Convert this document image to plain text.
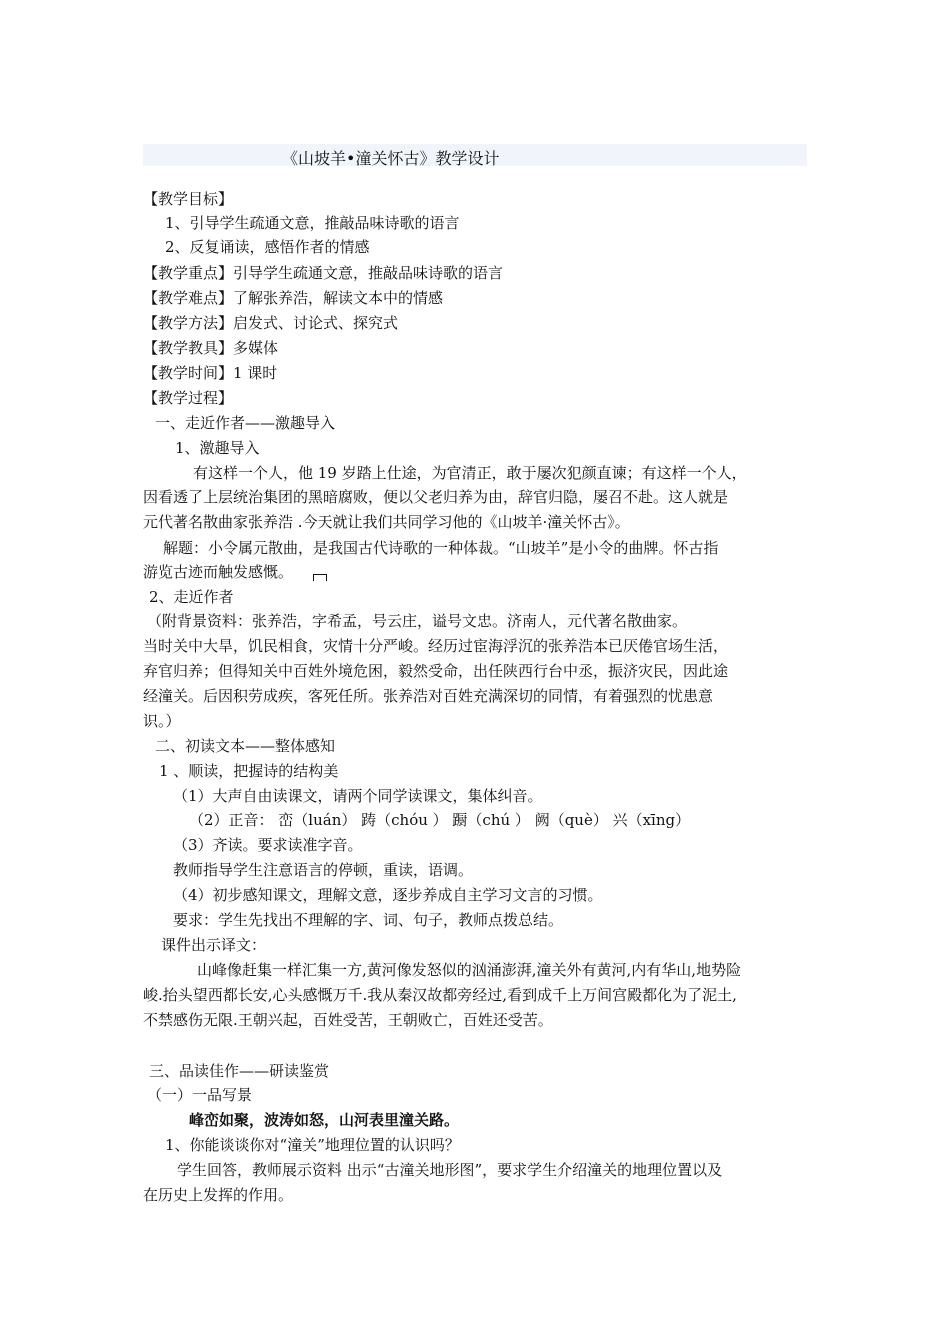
《山坡羊•潼关怀古》教学设计
【教学目标】
1、引导学生疏通文意，推敲品味诗歌的语言
2、反复诵读，感悟作者的情感
【教学重点】引导学生疏通文意，推敲品味诗歌的语言
【教学难点】了解张养浩，解读文本中的情感
【教学方法】启发式、讨论式、探究式
【教学教具】多媒体
【教学时间】1 课时
【教学过程】
一、走近作者——激趣导入
1、激趣导入
有这样一个人，他 19 岁踏上仕途，为官清正，敢于屡次犯颜直谏；有这样一个人，
因看透了上层统治集团的黑暗腐败，便以父老归养为由，辞官归隐，屡召不赴。这人就是
元代著名散曲家张养浩 .今天就让我们共同学习他的《山坡羊·潼关怀古》。
解题：小令属元散曲，是我国古代诗歌的一种体裁。“山坡羊”是小令的曲牌。怀古指
游览古迹而触发感慨。
2、走近作者
（附背景资料：张养浩，字希孟，号云庄，谥号文忠。济南人，元代著名散曲家。
当时关中大旱，饥民相食，灾情十分严峻。经历过宦海浮沉的张养浩本已厌倦官场生活，
弃官归养；但得知关中百姓外境危困，毅然受命，出任陕西行台中丞，振济灾民，因此途
经潼关。后因积劳成疾，客死任所。张养浩对百姓充满深切的同情，有着强烈的忧患意
识。）
二、初读文本——整体感知
1 、顺读，把握诗的结构美
（1）大声自由读课文，请两个同学读课文，集体纠音。
（2）正音： 峦（luán） 踌（chóu ） 蹰（chú ） 阙（què） 兴（xīng）
（3）齐读。要求读准字音。
教师指导学生注意语言的停顿，重读，语调。
（4）初步感知课文，理解文意，逐步养成自主学习文言的习惯。
要求：学生先找出不理解的字、词、句子，教师点拨总结。
课件出示译文：
山峰像赶集一样汇集一方,黄河像发怒似的汹涌澎湃,潼关外有黄河,内有华山,地势险
峻.抬头望西都长安,心头感慨万千.我从秦汉故都旁经过,看到成千上万间宫殿都化为了泥土,
不禁感伤无限.王朝兴起，百姓受苦，王朝败亡，百姓还受苦。
三、品读佳作——研读鉴赏
（一）一品写景
峰峦如聚，波涛如怒，山河表里潼关路。
1、你能谈谈你对“潼关”地理位置的认识吗？
学生回答，教师展示资料 出示“古潼关地形图”，要求学生介绍潼关的地理位置以及
在历史上发挥的作用。
